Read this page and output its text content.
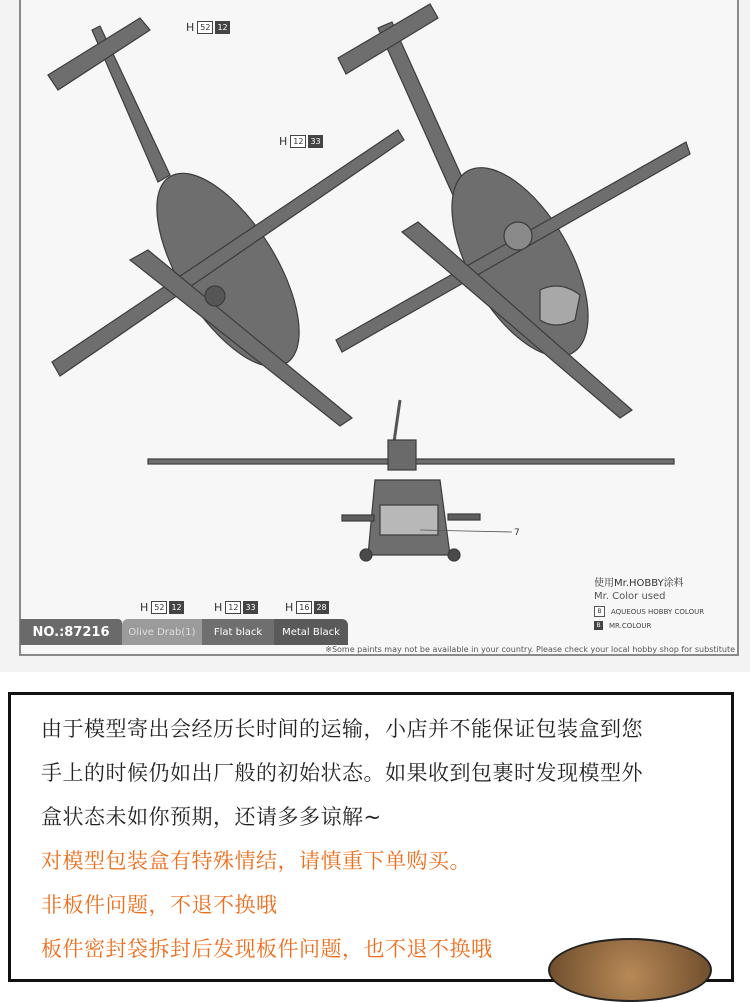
H 52 12
H 12 33
7
H 52 12	H 12 33	H 16 28
使用Mr.HOBBY涂料
Mr. Color used
B	AQUEOUS HOBBY COLOUR
B	MR.COLOUR
NO.:87216	Olive Drab(1)	Flat black	Metal Black
※Some paints may not be available in your country. Please check your local hobby shop for substitute

由于模型寄出会经历长时间的运输，小店并不能保证包装盒到您

手上的时候仍如出厂般的初始状态。如果收到包裹时发现模型外

盒状态未如你预期，还请多多谅解~

对模型包装盒有特殊情结，请慎重下单购买。

非板件问题，不退不换哦

板件密封袋拆封后发现板件问题，也不退不换哦
